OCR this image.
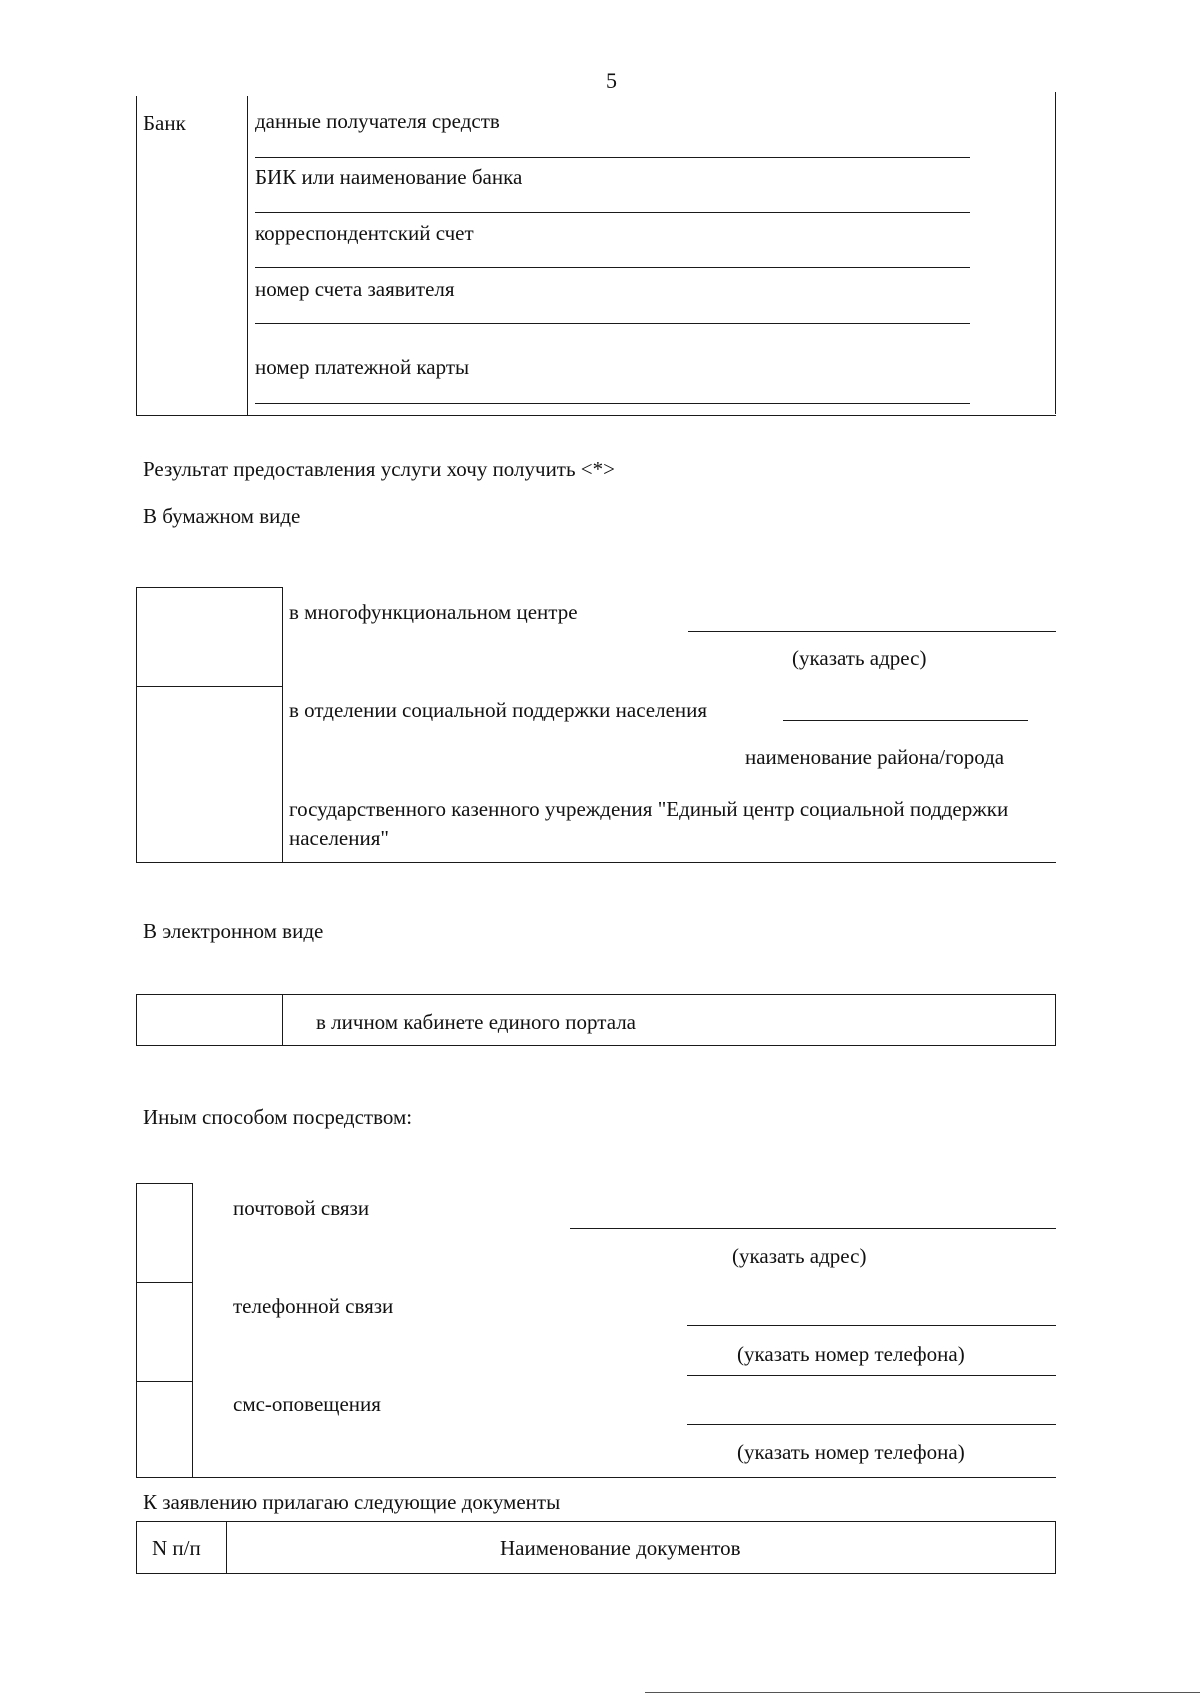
5
Банк	данные получателя средств
БИК или наименование банка
корреспондентский счет
номер счета заявителя
номер платежной карты
Результат предоставления услуги хочу получить <*>
В бумажном виде
в многофункциональном центре
(указать адрес)
в отделении социальной поддержки населения
наименование района/города
государственного казенного учреждения "Единый центр социальной поддержки населения"
В электронном виде
в личном кабинете единого портала
Иным способом посредством:
почтовой связи
(указать адрес)
телефонной связи
(указать номер телефона)
смс-оповещения
(указать номер телефона)
К заявлению прилагаю следующие документы
N п/п	Наименование документов
